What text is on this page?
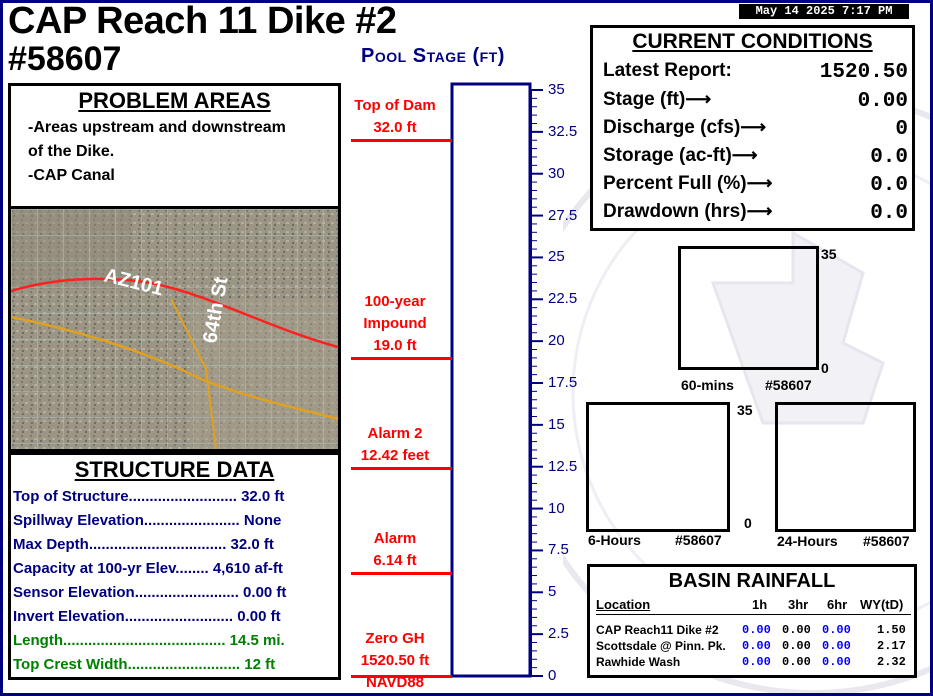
CAP Reach 11 Dike #2
#58607
May 14 2025 7:17 PM
PROBLEM AREAS
-Areas upstream and downstream
of the Dike.
-CAP Canal
AZ101 64th St
STRUCTURE DATA
Top of Structure.......................... 32.0 ft
Spillway Elevation....................... None
Max Depth................................. 32.0 ft
Capacity at 100-yr Elev........ 4,610 af-ft
Sensor Elevation......................... 0.00 ft
Invert Elevation.......................... 0.00 ft
Length....................................... 14.5 mi.
Top Crest Width........................... 12 ft
Pool Stage (ft)
0
2.5
5
7.5
10
12.5
15
17.5
20
22.5
25
27.5
30
32.5
35
Top of Dam
32.0 ft
100-year
Impound
19.0 ft
Alarm 2
12.42 feet
Alarm
6.14 ft
Zero GH
1520.50 ft
NAVD88
CURRENT CONDITIONS
Latest Report:	1520.50
Stage (ft)⟶	0.00
Discharge (cfs)⟶	0
Storage (ac-ft)⟶	0.0
Percent Full (%)⟶	0.0
Drawdown (hrs)⟶	0.0
35
0
60-mins #58607
35
0
6-Hours #58607	24-Hours #58607
BASIN RAINFALL
Location	1h 3hr 6hr WY(tD)
CAP Reach11 Dike #2 0.00 0.00 0.00 1.50
Scottsdale @ Pinn. Pk. 0.00 0.00 0.00 2.17
Rawhide Wash	0.00 0.00 0.00 2.32
